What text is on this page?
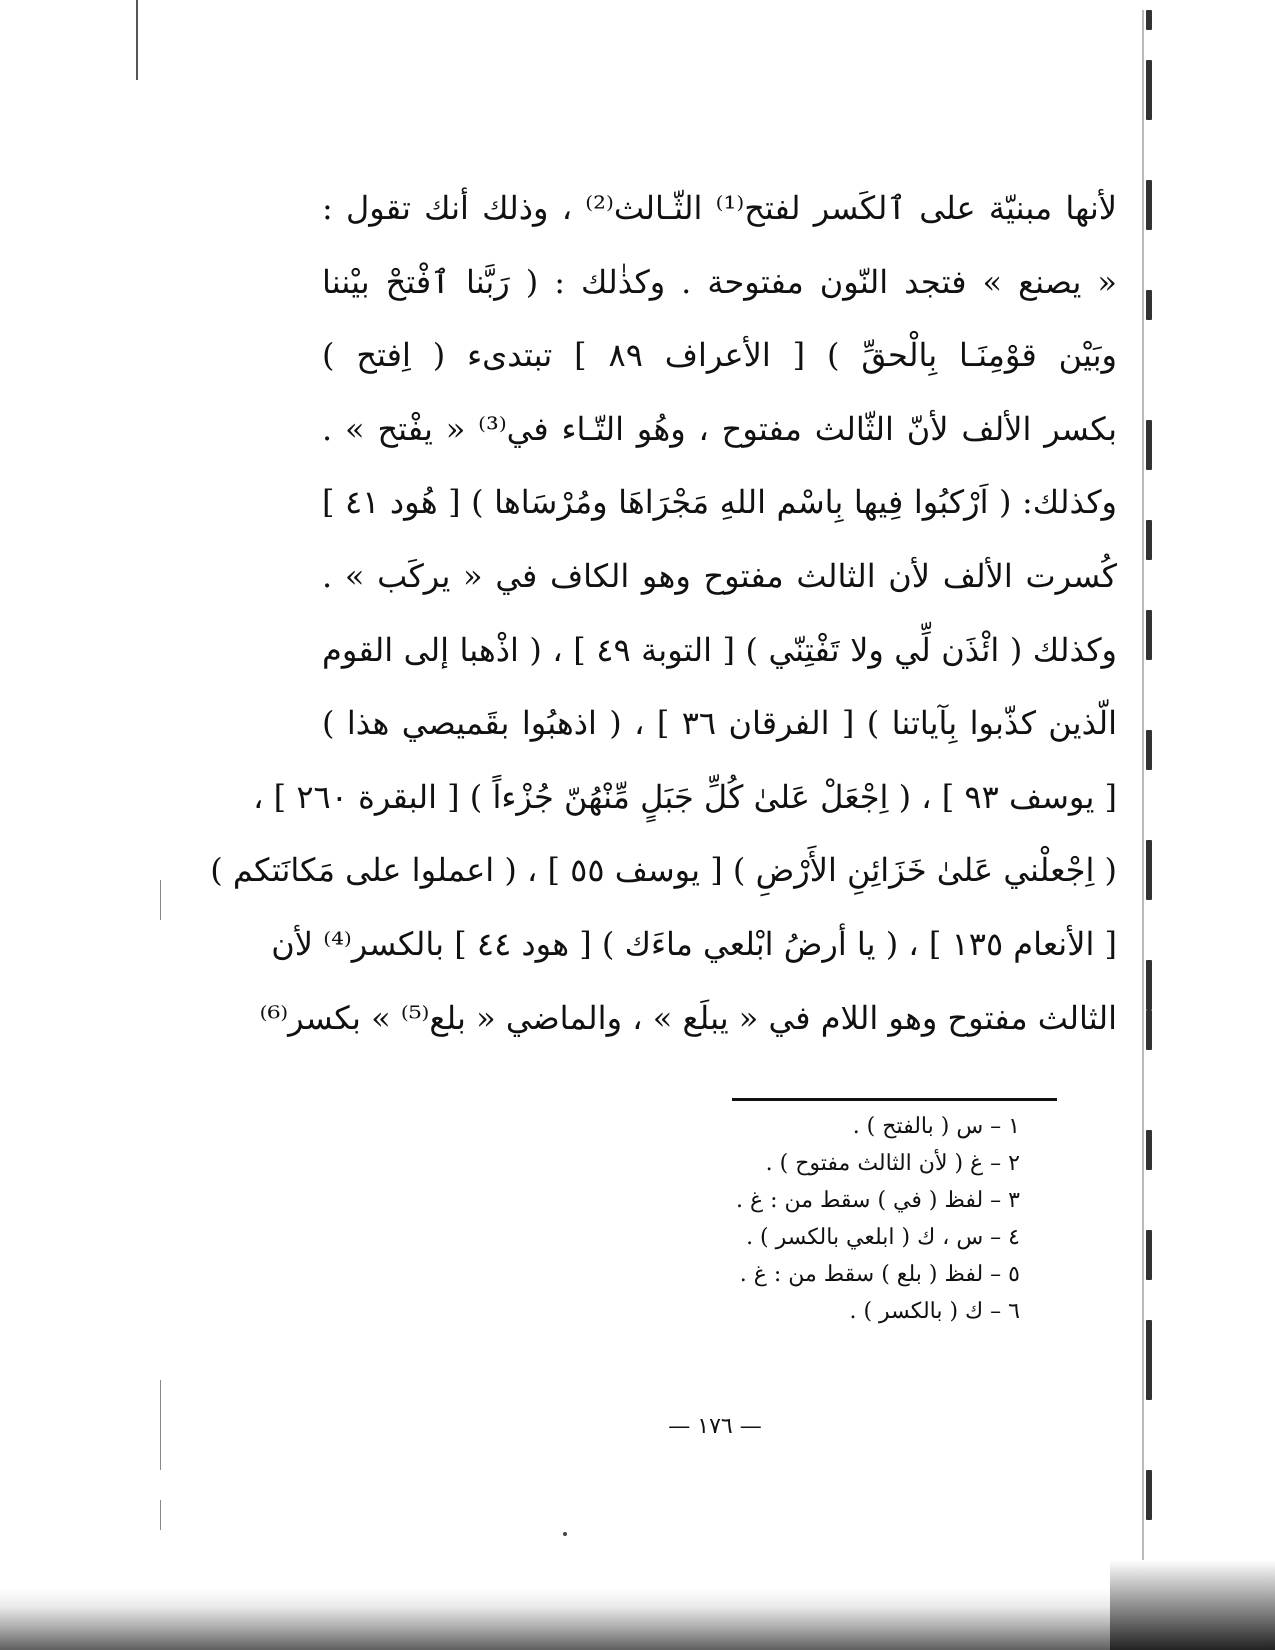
لأنها مبنيّة على ٱلكَسر لفتح⁽¹⁾ الثّـالث⁽²⁾ ، وذلك أنك تقول :
« يصنع » فتجد النّون مفتوحة . وكذٰلك : ( رَبَّنا ٱفْتحْ بيْننا
وبَيْن قوْمِنَـا بِالْحقِّ ) [ الأعراف ٨٩ ] تبتدىء ( اِفتح )
بكسر الألف لأنّ الثّالث مفتوح ، وهُو التّـاء في⁽³⁾ « يفْتح » .
وكذلك: ( اَرْكبُوا فِيها بِاسْم اللهِ مَجْرَاهَا ومُرْسَاها ) [ هُود ٤١ ]
كُسرت الألف لأن الثالث مفتوح وهو الكاف في « يركَب » .
وكذلك ( ائْذَن لِّي ولا تَفْتِنّي ) [ التوبة ٤٩ ] ، ( اذْهبا إلى القوم
الّذين كذّبوا بِآياتنا ) [ الفرقان ٣٦ ] ، ( اذهبُوا بقَميصي هذا )
[ يوسف ٩٣ ] ، ( اِجْعَلْ عَلىٰ كُلِّ جَبَلٍ مِّنْهُنّ جُزْءاً ) [ البقرة ٢٦٠ ] ،
( اِجْعلْني عَلىٰ خَزَائِنِ الأَرْضِ ) [ يوسف ٥٥ ] ، ( اعملوا على مَكانَتكم )
[ الأنعام ١٣٥ ] ، ( يا أرضُ ابْلعي ماءَك ) [ هود ٤٤ ] بالكسر⁽⁴⁾ لأن
الثالث مفتوح وهو اللام في « يبلَع » ، والماضي « بلع⁽⁵⁾ » بكسر⁽⁶⁾
١ – س ( بالفتح ) .
٢ – غ ( لأن الثالث مفتوح ) .
٣ – لفظ ( في ) سقط من : غ .
٤ – س ، ك ( ابلعي بالكسر ) .
٥ – لفظ ( بلع ) سقط من : غ .
٦ – ك ( بالكسر ) .
— ١٧٦ —
